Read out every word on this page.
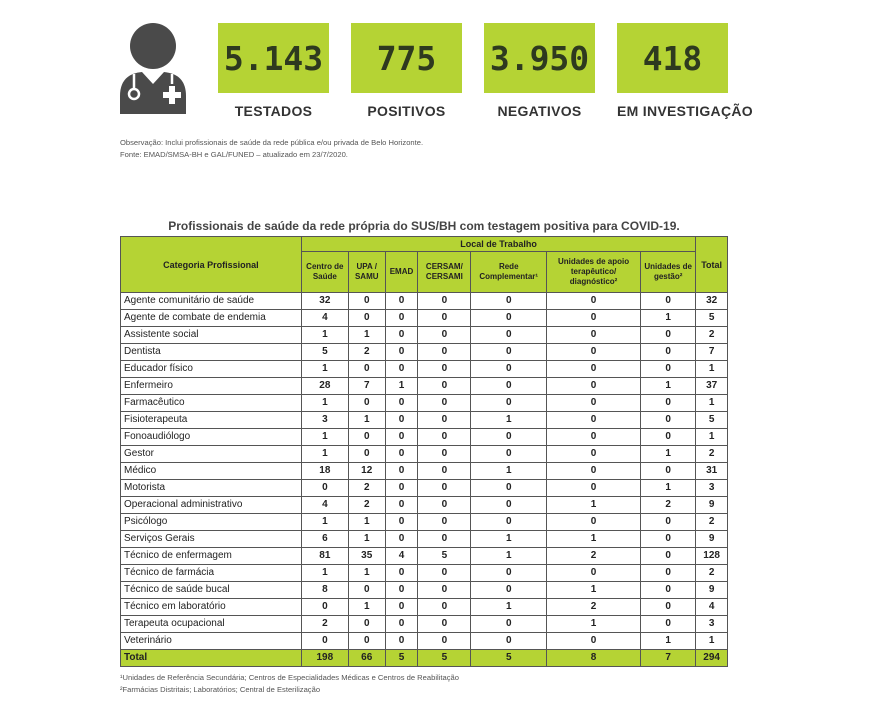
5.143
TESTADOS
775
POSITIVOS
3.950
NEGATIVOS
418
EM INVESTIGAÇÃO
Observação: Inclui profissionais de saúde da rede pública e/ou privada de Belo Horizonte.
Fonte: EMAD/SMSA-BH e GAL/FUNED – atualizado em 23/7/2020.
Profissionais de saúde da rede própria do SUS/BH com testagem positiva para COVID-19.
Categoria Profissional	Local de Trabalho							Total
	Centro de Saúde	UPA / SAMU	EMAD	CERSAM/ CERSAMI	Rede Complementar¹	Unidades de apoio terapêutico/ diagnóstico²	Unidades de gestão²	
Agente comunitário de saúde	32	0	0	0	0	0	0	32
Agente de combate de endemia	4	0	0	0	0	0	1	5
Assistente social	1	1	0	0	0	0	0	2
Dentista	5	2	0	0	0	0	0	7
Educador físico	1	0	0	0	0	0	0	1
Enfermeiro	28	7	1	0	0	0	1	37
Farmacêutico	1	0	0	0	0	0	0	1
Fisioterapeuta	3	1	0	0	1	0	0	5
Fonoaudiólogo	1	0	0	0	0	0	0	1
Gestor	1	0	0	0	0	0	1	2
Médico	18	12	0	0	1	0	0	31
Motorista	0	2	0	0	0	0	1	3
Operacional administrativo	4	2	0	0	0	1	2	9
Psicólogo	1	1	0	0	0	0	0	2
Serviços Gerais	6	1	0	0	1	1	0	9
Técnico de enfermagem	81	35	4	5	1	2	0	128
Técnico de farmácia	1	1	0	0	0	0	0	2
Técnico de saúde bucal	8	0	0	0	0	1	0	9
Técnico em laboratório	0	1	0	0	1	2	0	4
Terapeuta ocupacional	2	0	0	0	0	1	0	3
Veterinário	0	0	0	0	0	0	1	1
Total	198	66	5	5	5	8	7	294
¹Unidades de Referência Secundária; Centros de Especialidades Médicas e Centros de Reabilitação
²Farmácias Distritais; Laboratórios; Central de Esterilização
